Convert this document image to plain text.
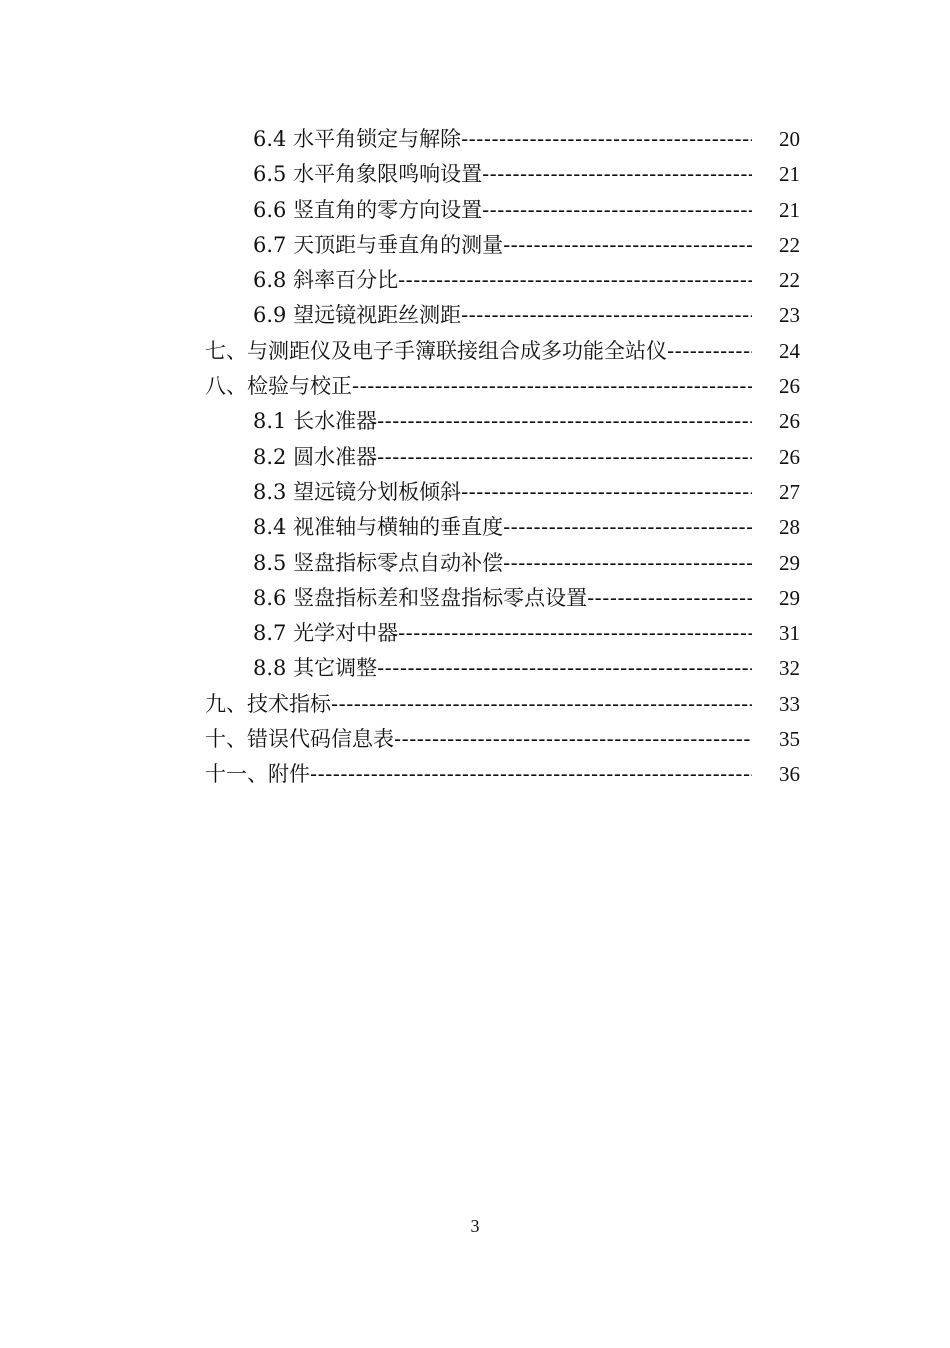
6.4 水平角锁定与解除 -----	20
6.5 水平角象限鸣响设置 -----	21
6.6 竖直角的零方向设置 -----	21
6.7 天顶距与垂直角的测量 -----	22
6.8 斜率百分比 -----	22
6.9 望远镜视距丝测距 -----	23
七、与测距仪及电子手簿联接组合成多功能全站仪 -----	24
八、检验与校正 -----	26
8.1 长水准器 -----	26
8.2 圆水准器 -----	26
8.3 望远镜分划板倾斜 -----	27
8.4 视准轴与横轴的垂直度 -----	28
8.5 竖盘指标零点自动补偿 -----	29
8.6 竖盘指标差和竖盘指标零点设置 -----	29
8.7 光学对中器 -----	31
8.8 其它调整 -----	32
九、技术指标 -----	33
十、错误代码信息表 -----	35
十一、附件 -----	36
3
